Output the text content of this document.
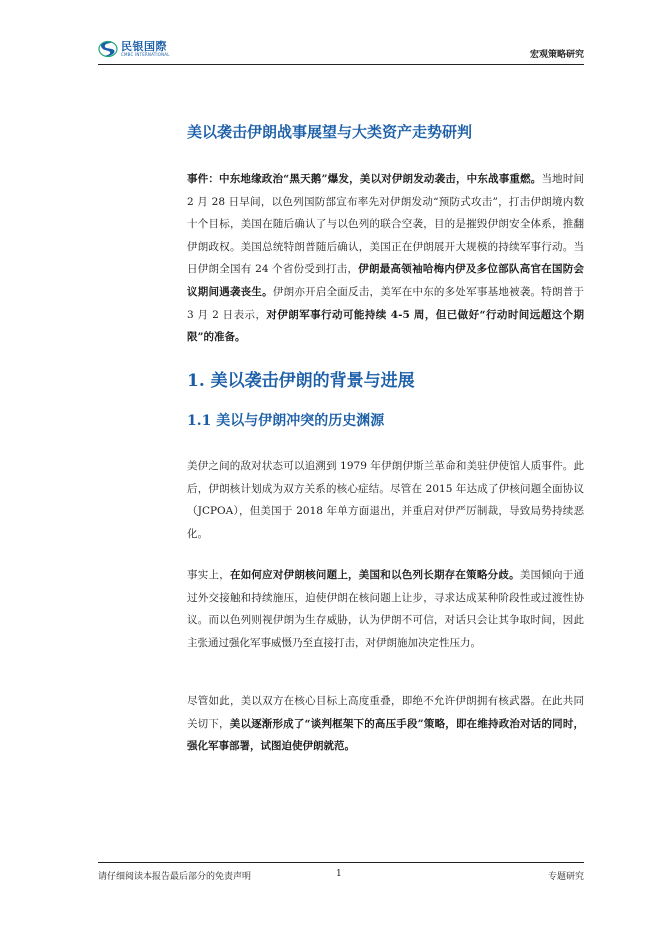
民银国際
CMBC INTERNATIONAL	宏观策略研究
美以袭击伊朗战事展望与大类资产走势研判
事件：中东地缘政治“黑天鹅”爆发，美以对伊朗发动袭击，中东战事重燃。当地时间 2 月 28 日早间，以色列国防部宣布率先对伊朗发动“预防式攻击”，打击伊朗境内数十个目标，美国在随后确认了与以色列的联合空袭，目的是摧毁伊朗安全体系，推翻伊朗政权。美国总统特朗普随后确认，美国正在伊朗展开大规模的持续军事行动。当日伊朗全国有 24 个省份受到打击，伊朗最高领袖哈梅内伊及多位部队高官在国防会议期间遇袭丧生。伊朗亦开启全面反击，美军在中东的多处军事基地被袭。特朗普于 3 月 2 日表示，对伊朗军事行动可能持续 4-5 周，但已做好“行动时间远超这个期限”的准备。
1. 美以袭击伊朗的背景与进展
1.1 美以与伊朗冲突的历史渊源
美伊之间的敌对状态可以追溯到 1979 年伊朗伊斯兰革命和美驻伊使馆人质事件。此后，伊朗核计划成为双方关系的核心症结。尽管在 2015 年达成了伊核问题全面协议（JCPOA），但美国于 2018 年单方面退出，并重启对伊严厉制裁，导致局势持续恶化。
事实上，在如何应对伊朗核问题上，美国和以色列长期存在策略分歧。美国倾向于通过外交接触和持续施压，迫使伊朗在核问题上让步，寻求达成某种阶段性或过渡性协议。而以色列则视伊朗为生存威胁，认为伊朗不可信，对话只会让其争取时间，因此主张通过强化军事威慑乃至直接打击，对伊朗施加决定性压力。
尽管如此，美以双方在核心目标上高度重叠，即绝不允许伊朗拥有核武器。在此共同关切下，美以逐渐形成了“谈判框架下的高压手段”策略，即在维持政治对话的同时，强化军事部署，试图迫使伊朗就范。
请仔细阅读本报告最后部分的免责声明	1	专题研究
